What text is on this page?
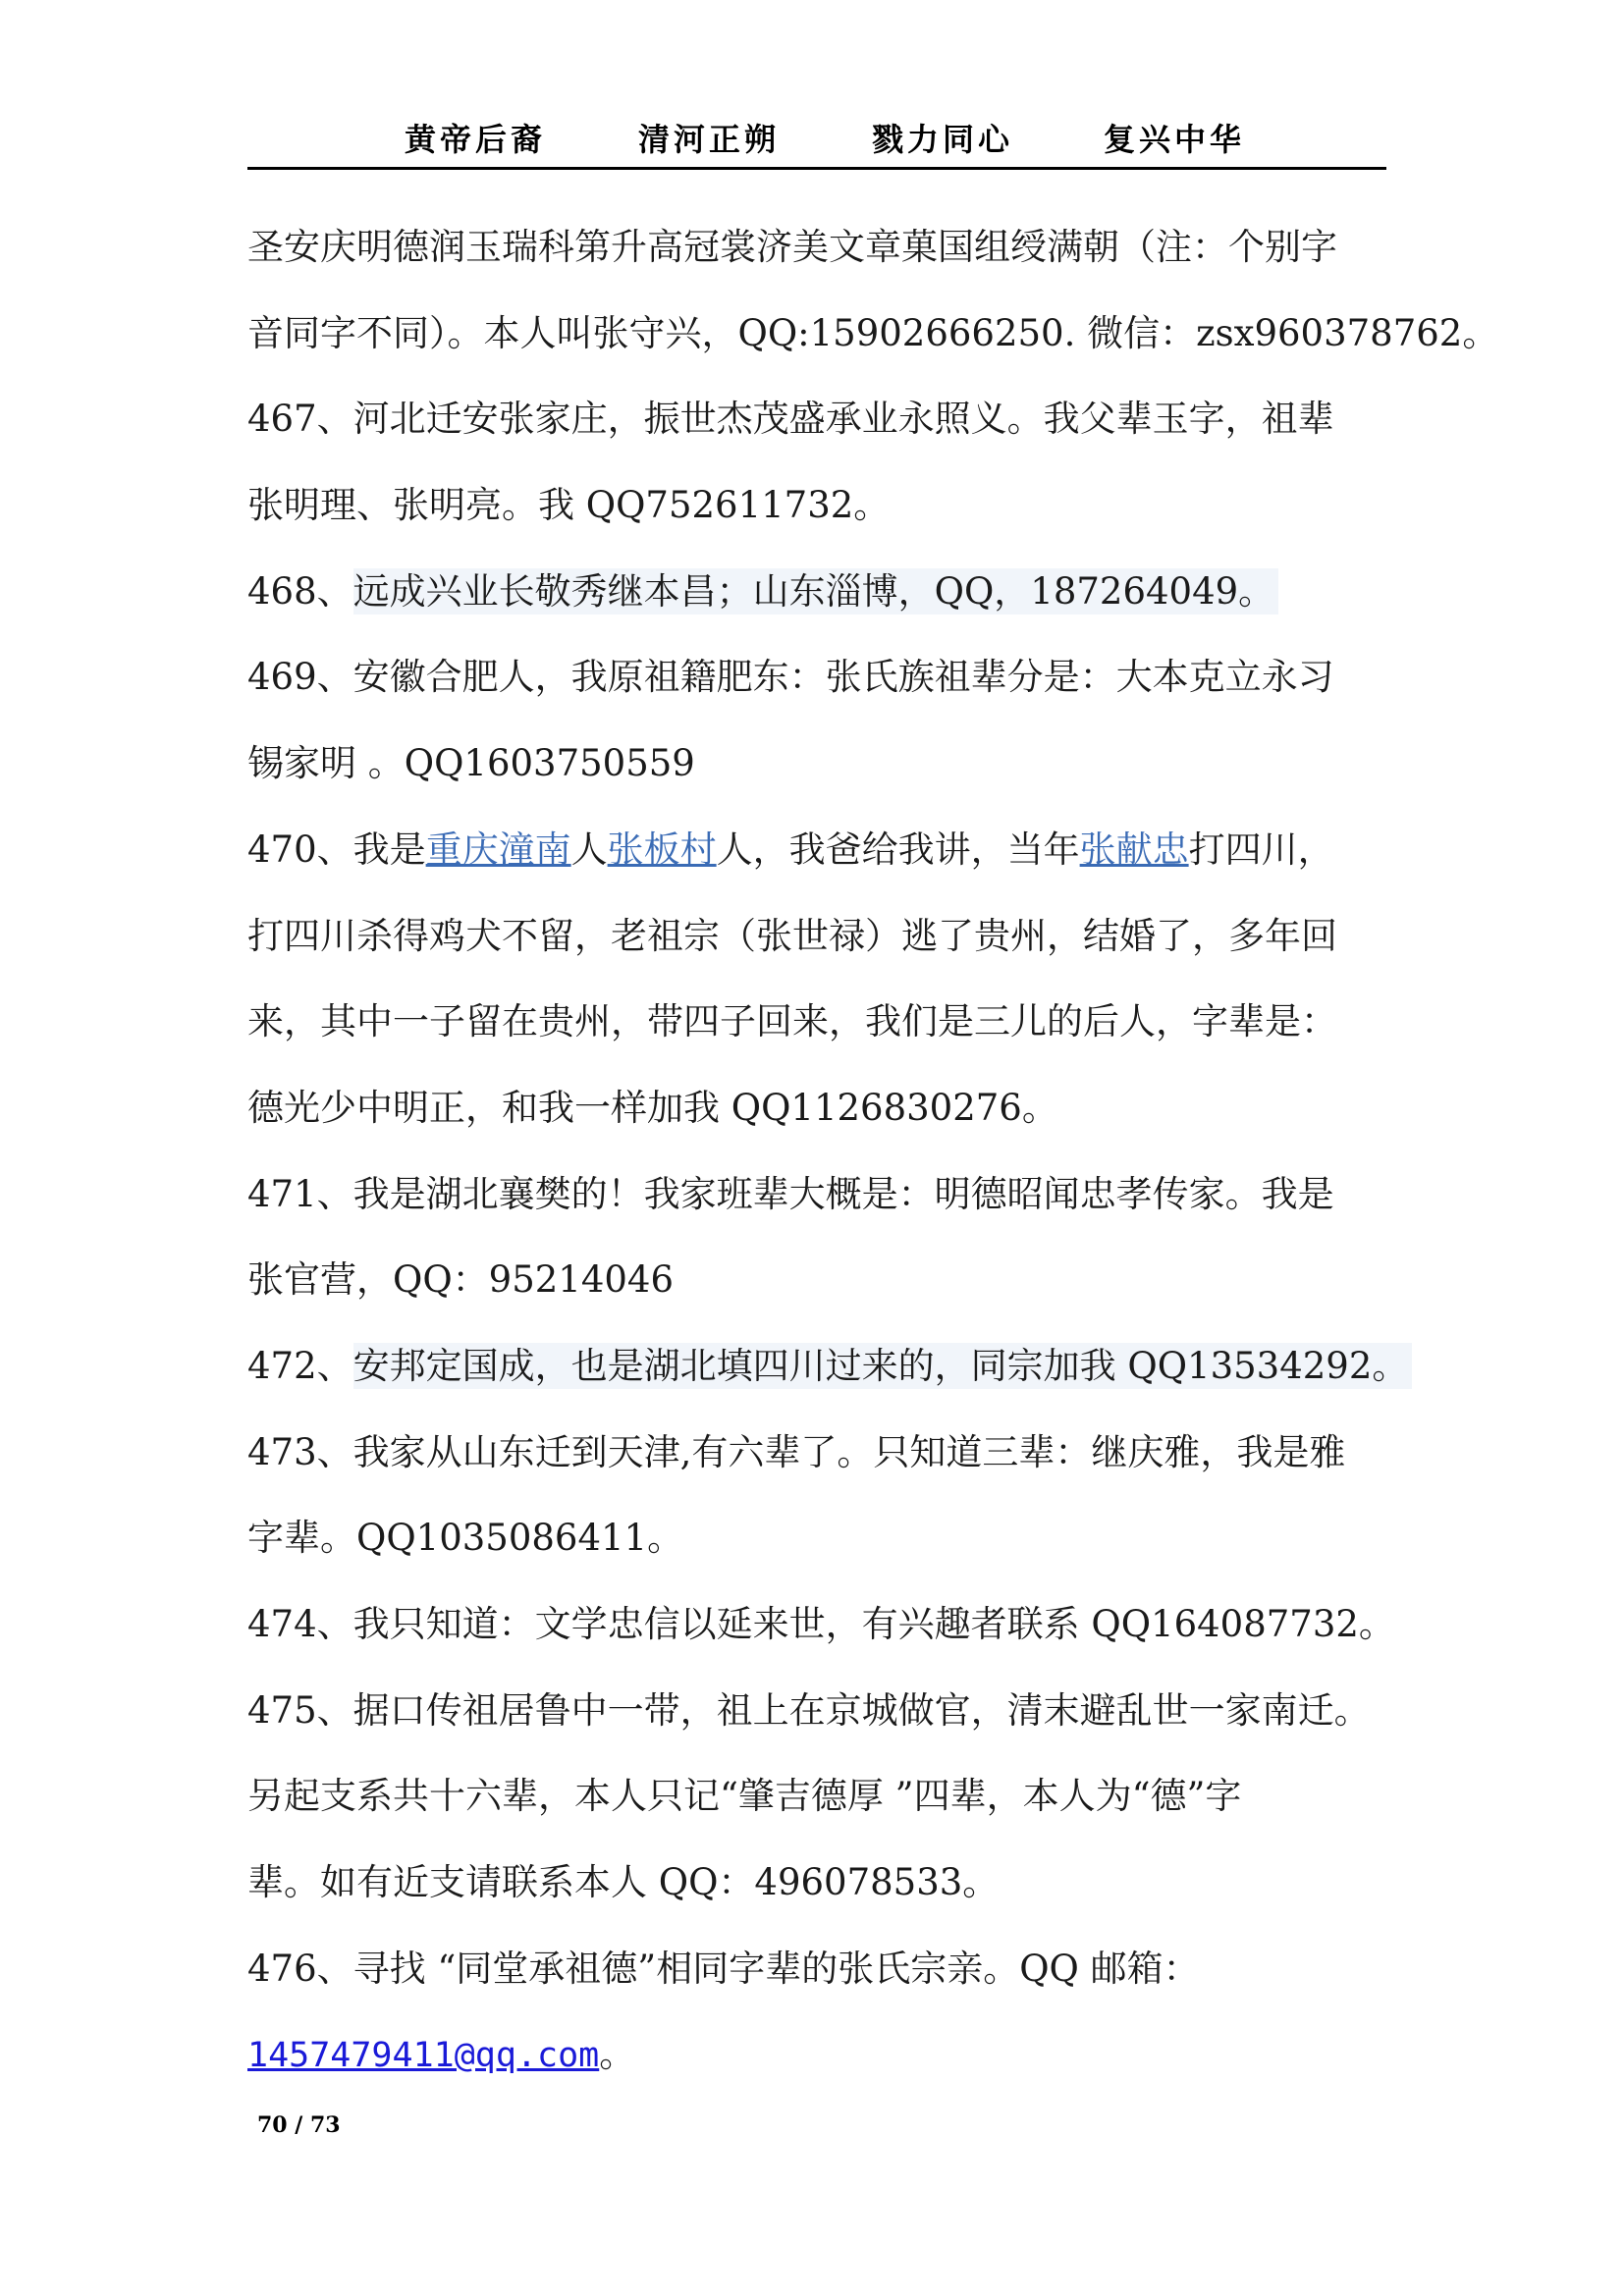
黄帝后裔	清河正朔	戮力同心	复兴中华
圣安庆明德润玉瑞科第升高冠裳济美文章菓国组绶满朝（注：个别字
音同字不同）。本人叫张守兴，QQ:15902666250. 微信：zsx960378762。
467、河北迁安张家庄，振世杰茂盛承业永照义。我父辈玉字，祖辈
张明理、张明亮。我 QQ752611732。
468、远成兴业长敬秀继本昌；山东淄博，QQ，187264049。
469、安徽合肥人，我原祖籍肥东：张氏族祖辈分是：大本克立永习
锡家明 。QQ1603750559
470、我是重庆潼南人张板村人，我爸给我讲，当年张献忠打四川，
打四川杀得鸡犬不留，老祖宗（张世禄）逃了贵州，结婚了，多年回
来，其中一子留在贵州，带四子回来，我们是三儿的后人，字辈是：
德光少中明正，和我一样加我 QQ1126830276。
471、我是湖北襄樊的！我家班辈大概是：明德昭闻忠孝传家。我是
张官营，QQ：95214046
472、安邦定国成，也是湖北填四川过来的，同宗加我 QQ13534292。
473、我家从山东迁到天津,有六辈了。只知道三辈：继庆雅，我是雅
字辈。QQ1035086411。
474、我只知道：文学忠信以延来世，有兴趣者联系 QQ164087732。
475、据口传祖居鲁中一带，祖上在京城做官，清末避乱世一家南迁。
另起支系共十六辈，本人只记“肇吉德厚 ”四辈，本人为“德”字
辈。如有近支请联系本人 QQ：496078533。
476、寻找 “同堂承祖德”相同字辈的张氏宗亲。QQ 邮箱：
1457479411@qq.com。
70 / 73
